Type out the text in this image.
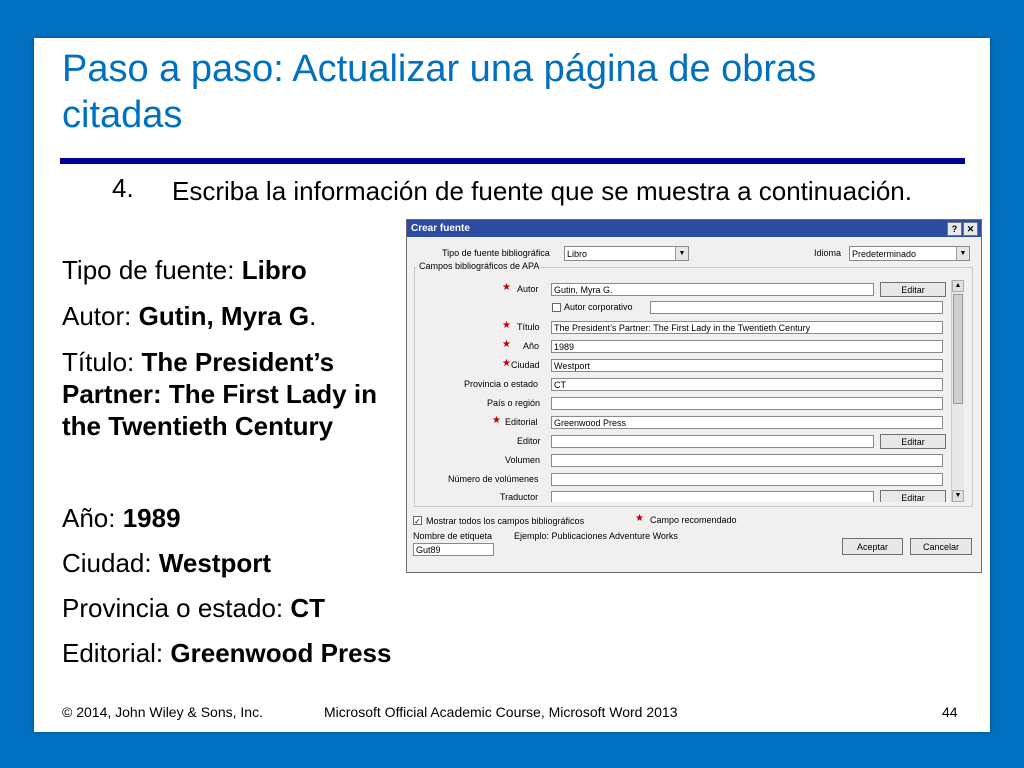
Paso a paso: Actualizar una página de obras citadas
4.	Escriba la información de fuente que se muestra a continuación.
Tipo de fuente: Libro
Autor: Gutin, Myra G.
Título: The President’s Partner: The First Lady in the Twentieth Century
Año: 1989
Ciudad: Westport
Provincia o estado: CT
Editorial: Greenwood Press
Crear fuente	?	✕
Tipo de fuente bibliográfica	Libro	▼	Idioma	Predeterminado	▼
Campos bibliográficos de APA
★ Autor	Gutin, Myra G.	Editar
Autor corporativo
★ Título	The President’s Partner: The First Lady in the Twentieth Century
★ Año	1989
★ Ciudad	Westport
Provincia o estado	CT
País o región
★ Editorial	Greenwood Press
Editor	Editar
Volumen
Número de volúmenes
Traductor	Editar
▲
▼
✓ Mostrar todos los campos bibliográficos	★ Campo recomendado
Nombre de etiqueta Ejemplo: Publicaciones Adventure Works
Gut89	Aceptar	Cancelar
© 2014, John Wiley & Sons, Inc.	Microsoft Official Academic Course, Microsoft Word 2013	44
